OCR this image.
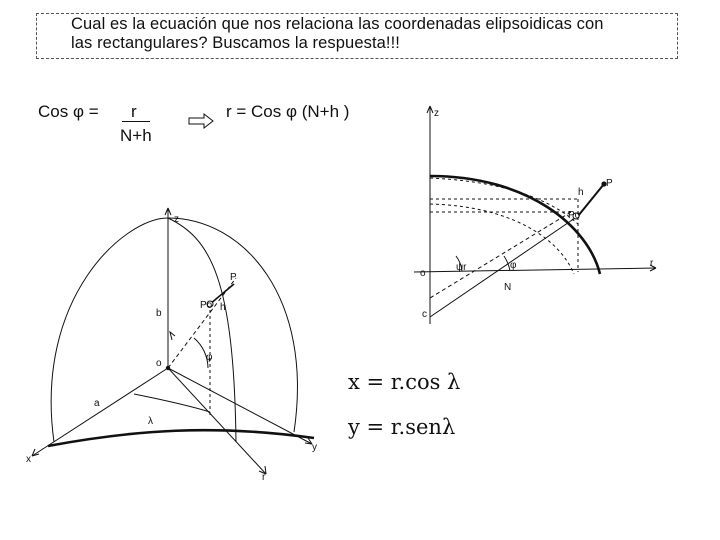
Cual es la ecuación que nos relaciona las coordenadas elipsoidicas con
las rectangulares? Buscamos la respuesta!!!
Cos φ = r
N+h
r = Cos φ (N+h )	z
h
P
Po
o
ψr	φ
N
r
c
z
P
Po h
b
o
a
φ
λ
x
y
r
x = r.cos λ
y = r.senλ
